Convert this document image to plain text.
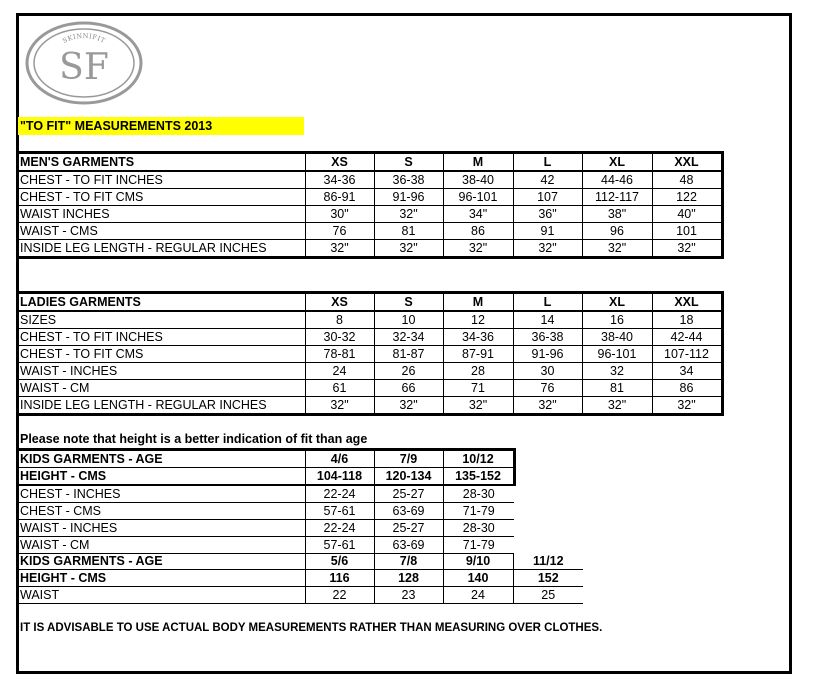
SKINNIFIT
SF
"TO FIT" MEASUREMENTS 2013
MEN'S GARMENTS	XS	S	M	L	XL	XXL
CHEST - TO FIT INCHES	34-36	36-38	38-40	42	44-46	48
CHEST - TO FIT CMS	86-91	91-96	96-101	107	112-117	122
WAIST INCHES	30"	32"	34"	36"	38"	40"
WAIST - CMS	76	81	86	91	96	101
INSIDE LEG LENGTH - REGULAR INCHES	32"	32"	32"	32"	32"	32"
LADIES GARMENTS	XS	S	M	L	XL	XXL
SIZES	8	10	12	14	16	18
CHEST - TO FIT INCHES	30-32	32-34	34-36	36-38	38-40	42-44
CHEST - TO FIT CMS	78-81	81-87	87-91	91-96	96-101	107-112
WAIST - INCHES	24	26	28	30	32	34
WAIST - CM	61	66	71	76	81	86
INSIDE LEG LENGTH - REGULAR INCHES	32"	32"	32"	32"	32"	32"
Please note that height is a better indication of fit than age
KIDS GARMENTS - AGE	4/6	7/9	10/12
HEIGHT - CMS	104-118	120-134	135-152
CHEST - INCHES	22-24	25-27	28-30
CHEST - CMS	57-61	63-69	71-79
WAIST - INCHES	22-24	25-27	28-30
WAIST - CM	57-61	63-69	71-79
KIDS GARMENTS - AGE	5/6	7/8	9/10	11/12
HEIGHT - CMS	116	128	140	152
WAIST	22	23	24	25
IT IS ADVISABLE TO USE ACTUAL BODY MEASUREMENTS RATHER THAN MEASURING OVER CLOTHES.
